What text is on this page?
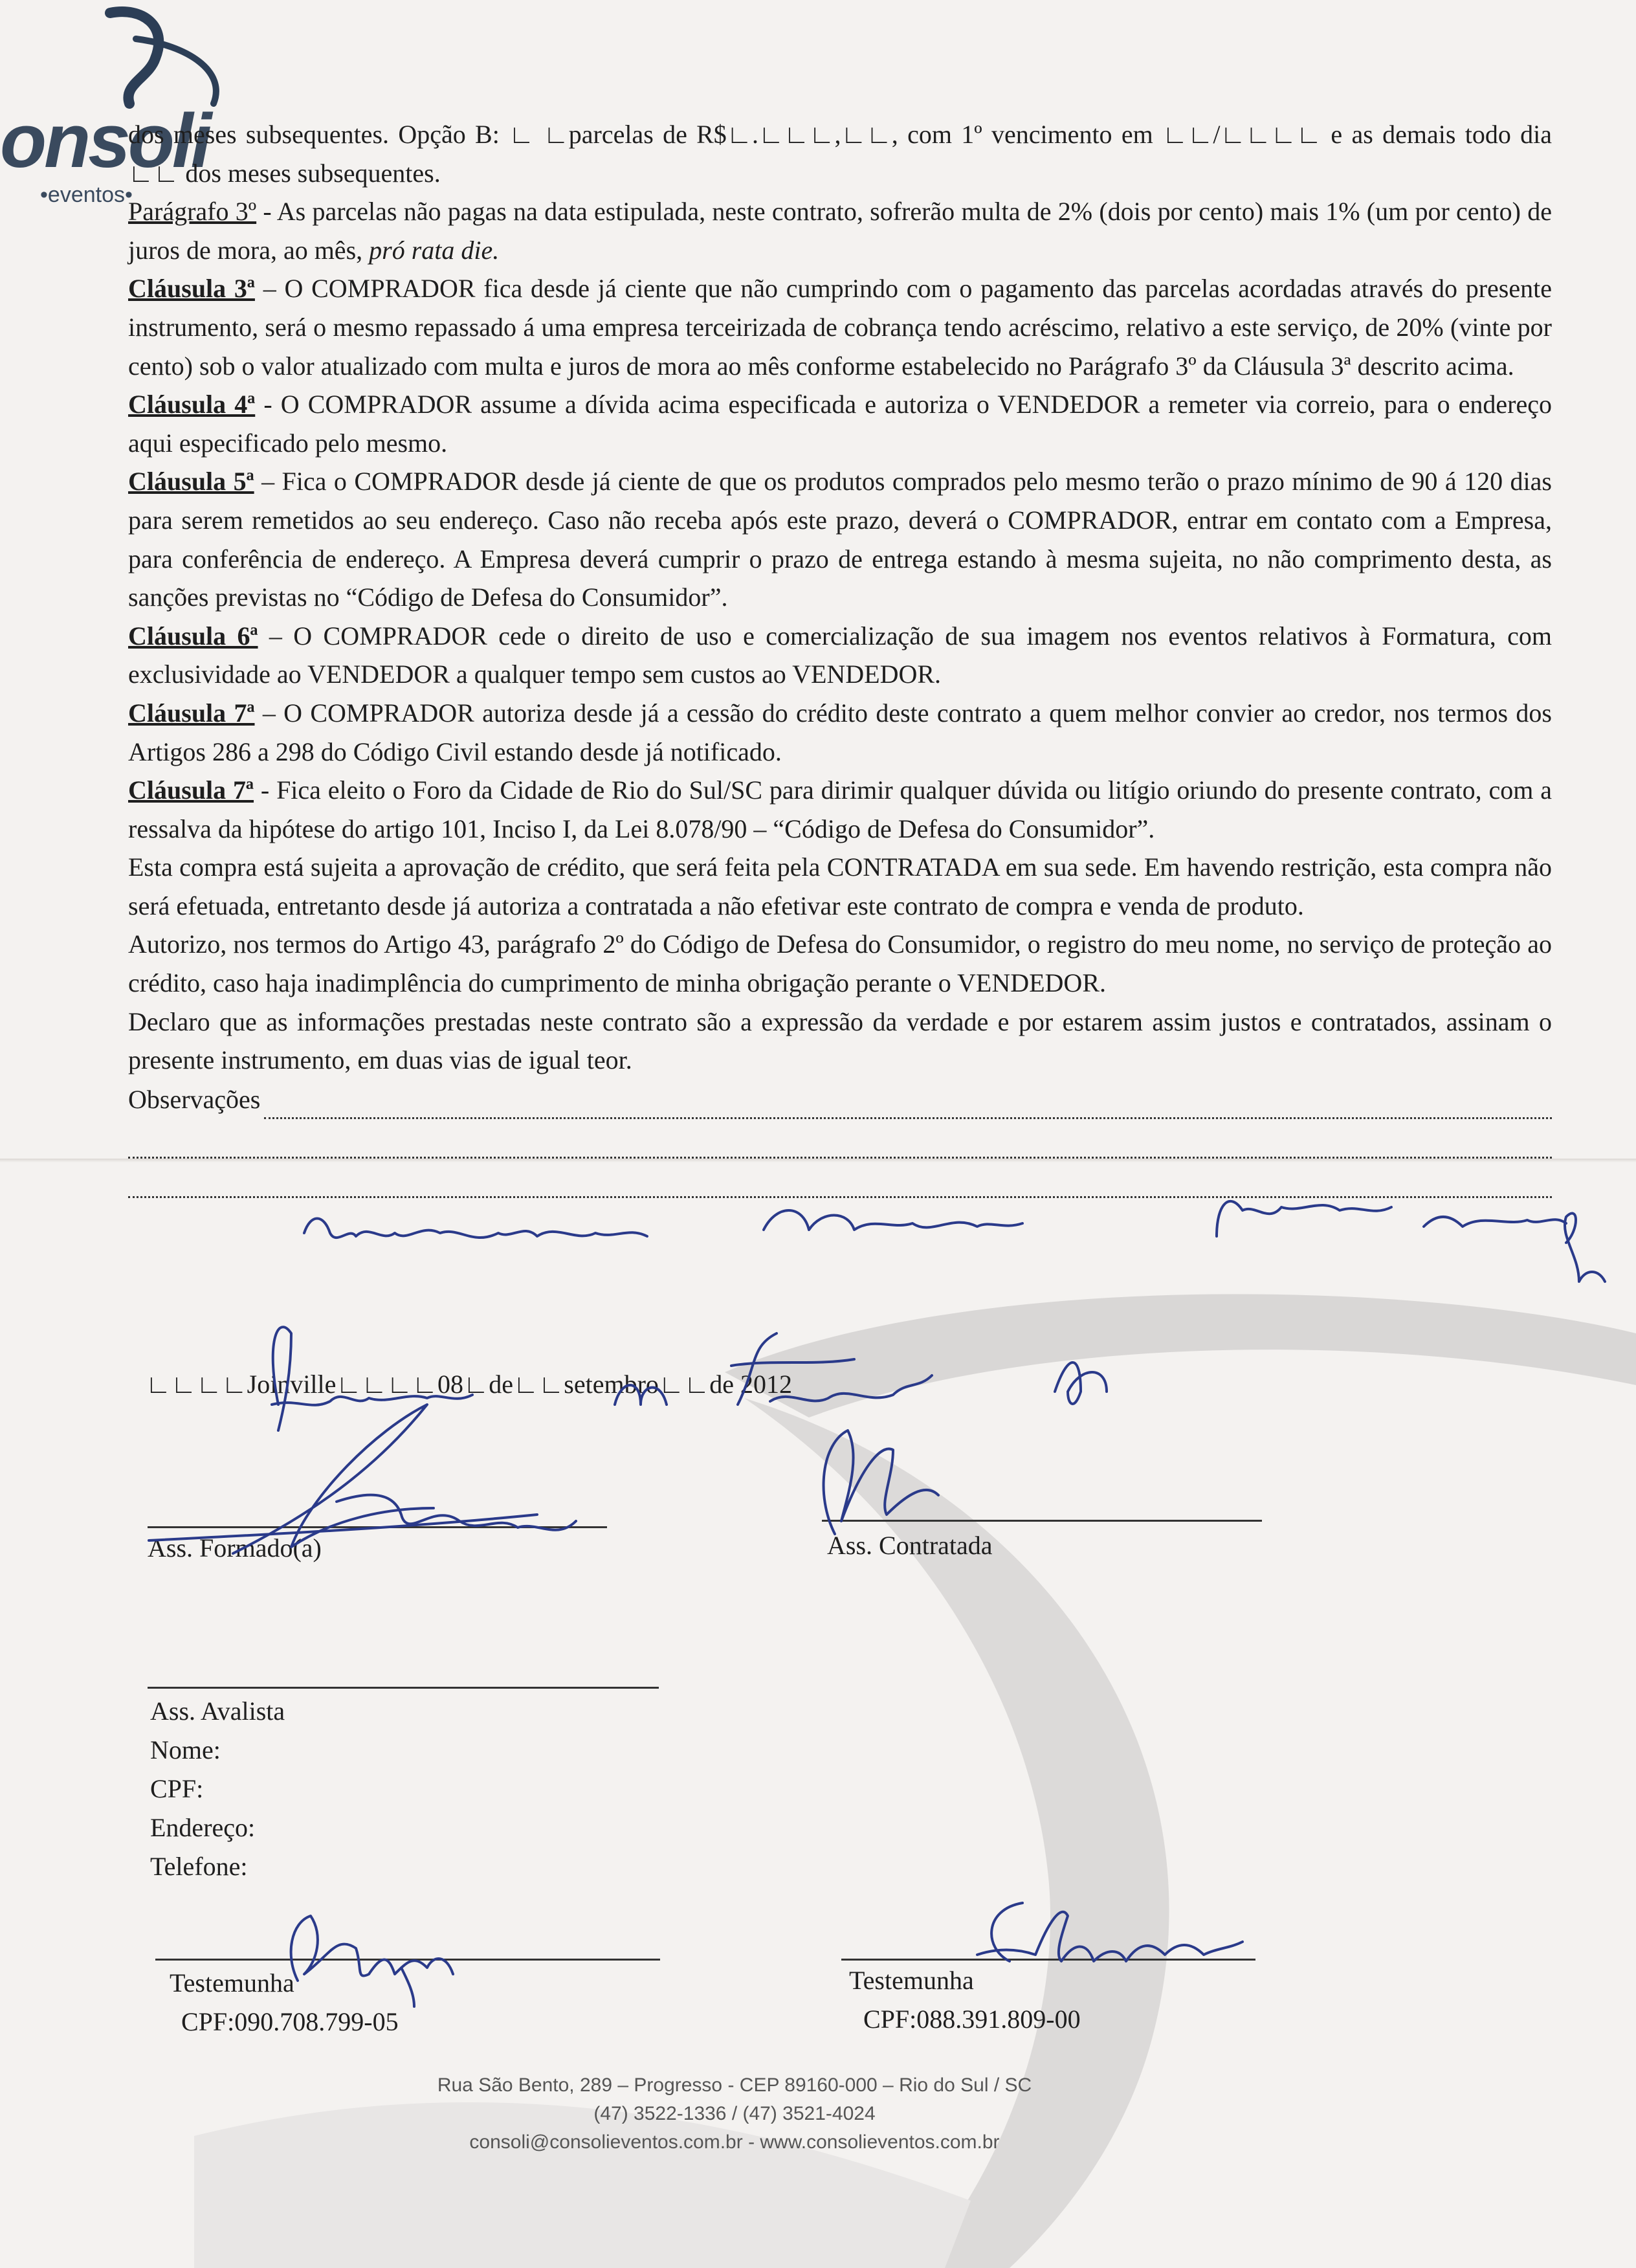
onsoli
•eventos•

dos meses subsequentes. Opção B: ∟ ∟parcelas de R$∟.∟∟∟,∟∟, com 1º vencimento em ∟∟/∟∟∟∟ e as demais todo dia ∟∟ dos meses subsequentes.

Parágrafo 3º - As parcelas não pagas na data estipulada, neste contrato, sofrerão multa de 2% (dois por cento) mais 1% (um por cento) de juros de mora, ao mês, pró rata die.

Cláusula 3ª – O COMPRADOR fica desde já ciente que não cumprindo com o pagamento das parcelas acordadas através do presente instrumento, será o mesmo repassado á uma empresa terceirizada de cobrança tendo acréscimo, relativo a este serviço, de 20% (vinte por cento) sob o valor atualizado com multa e juros de mora ao mês conforme estabelecido no Parágrafo 3º da Cláusula 3ª descrito acima.

Cláusula 4ª - O COMPRADOR assume a dívida acima especificada e autoriza o VENDEDOR a remeter via correio, para o endereço aqui especificado pelo mesmo.

Cláusula 5ª – Fica o COMPRADOR desde já ciente de que os produtos comprados pelo mesmo terão o prazo mínimo de 90 á 120 dias para serem remetidos ao seu endereço. Caso não receba após este prazo, deverá o COMPRADOR, entrar em contato com a Empresa, para conferência de endereço. A Empresa deverá cumprir o prazo de entrega estando à mesma sujeita, no não comprimento desta, as sanções previstas no “Código de Defesa do Consumidor”.

Cláusula 6ª – O COMPRADOR cede o direito de uso e comercialização de sua imagem nos eventos relativos à Formatura, com exclusividade ao VENDEDOR a qualquer tempo sem custos ao VENDEDOR.

Cláusula 7ª – O COMPRADOR autoriza desde já a cessão do crédito deste contrato a quem melhor convier ao credor, nos termos dos Artigos 286 a 298 do Código Civil estando desde já notificado.

Cláusula 7ª - Fica eleito o Foro da Cidade de Rio do Sul/SC para dirimir qualquer dúvida ou litígio oriundo do presente contrato, com a ressalva da hipótese do artigo 101, Inciso I, da Lei 8.078/90 – “Código de Defesa do Consumidor”.

Esta compra está sujeita a aprovação de crédito, que será feita pela CONTRATADA em sua sede. Em havendo restrição, esta compra não será efetuada, entretanto desde já autoriza a contratada a não efetivar este contrato de compra e venda de produto.

Autorizo, nos termos do Artigo 43, parágrafo 2º do Código de Defesa do Consumidor, o registro do meu nome, no serviço de proteção ao crédito, caso haja inadimplência do cumprimento de minha obrigação perante o VENDEDOR.

Declaro que as informações prestadas neste contrato são a expressão da verdade e por estarem assim justos e contratados, assinam o presente instrumento, em duas vias de igual teor.

Observações
∟∟∟∟Joinville∟∟∟∟08∟de∟∟setembro∟∟de 2012
Ass. Formado(a)	Ass. Contratada
Ass. Avalista
Nome:
CPF:
Endereço:
Telefone:
Testemunha
CPF:090.708.799-05
Testemunha
CPF:088.391.809-00
Rua São Bento, 289 – Progresso - CEP 89160-000 – Rio do Sul / SC
(47) 3522-1336 / (47) 3521-4024
consoli@consolieventos.com.br - www.consolieventos.com.br
